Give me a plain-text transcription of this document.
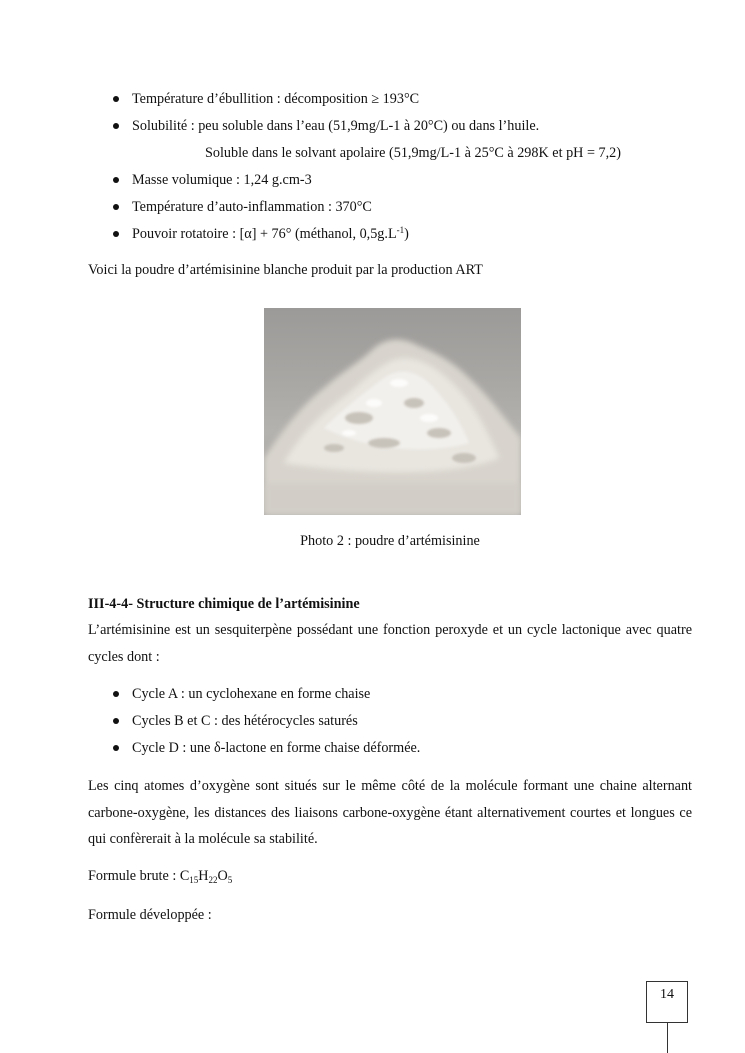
Température d’ébullition : décomposition ≥ 193°C
Solubilité : peu soluble dans l’eau (51,9mg/L-1 à 20°C) ou dans l’huile.
Soluble dans le solvant apolaire (51,9mg/L-1 à 25°C à 298K et pH = 7,2)
Masse volumique : 1,24 g.cm-3
Température d’auto-inflammation : 370°C
Pouvoir rotatoire : [α] + 76° (méthanol, $0,5g.L^{-1}$)

Voici la poudre d’artémisinine blanche produit par la production ART

Photo 2 : poudre d’artémisinine
III-4-4- Structure chimique de l’artémisinine

L’artémisinine est un sesquiterpène possédant une fonction peroxyde et un cycle lactonique avec quatre cycles dont :

Cycle A : un cyclohexane en forme chaise
Cycles B et C : des hétérocycles saturés
Cycle D : une δ-lactone en forme chaise déformée.

Les cinq atomes d’oxygène sont situés sur le même côté de la molécule formant une chaine alternant carbone-oxygène, les distances des liaisons carbone-oxygène étant alternativement courtes et longues ce qui confèrerait à la molécule sa stabilité.

Formule brute : $C_{15}H_{22}O_5$

Formule développée :

14
